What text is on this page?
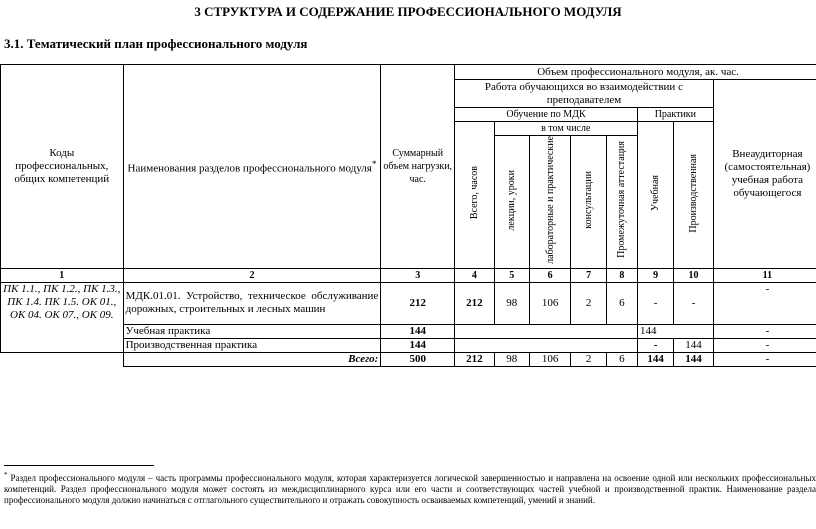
3 СТРУКТУРА И СОДЕРЖАНИЕ ПРОФЕССИОНАЛЬНОГО МОДУЛЯ
3.1. Тематический план профессионального модуля
Коды профессиональных, общих компетенций	Наименования разделов профессионального модуля*	Суммарный объем нагрузки, час.	Объем профессионального модуля, ак. час.							
			Работа обучающихся во взаимодействии с преподавателем							Внеаудиторная (самостоятельная) учебная работа обучающегося
			Обучение по МДК					Практики		
			Всего, часов	в том числе				Учебная	Производственная	
				лекции, уроки	лабораторные и практические	консультации	Промежуточная аттестация			
1	2	3	4	5	6	7	8	9	10	11
ПК 1.1., ПК 1.2., ПК 1.3., ПК 1.4. ПК 1.5. ОК 01., ОК 04. ОК 07., ОК 09.	МДК.01.01. Устройство, техническое обслуживание дорожных, строительных и лесных машин	212	212	98	106	2	6	-	-	-
	Учебная практика	144						144		-
	Производственная практика	144						-	144	-
	Всего:	500	212	98	106	2	6	144	144	-
* Раздел профессионального модуля – часть программы профессионального модуля, которая характеризуется логической завершенностью и направлена на освоение одной или нескольких профессиональных компетенций. Раздел профессионального модуля может состоять из междисциплинарного курса или его части и соответствующих частей учебной и производственной практик. Наименование раздела профессионального модуля должно начинаться с отглагольного существительного и отражать совокупность осваиваемых компетенций, умений и знаний.
